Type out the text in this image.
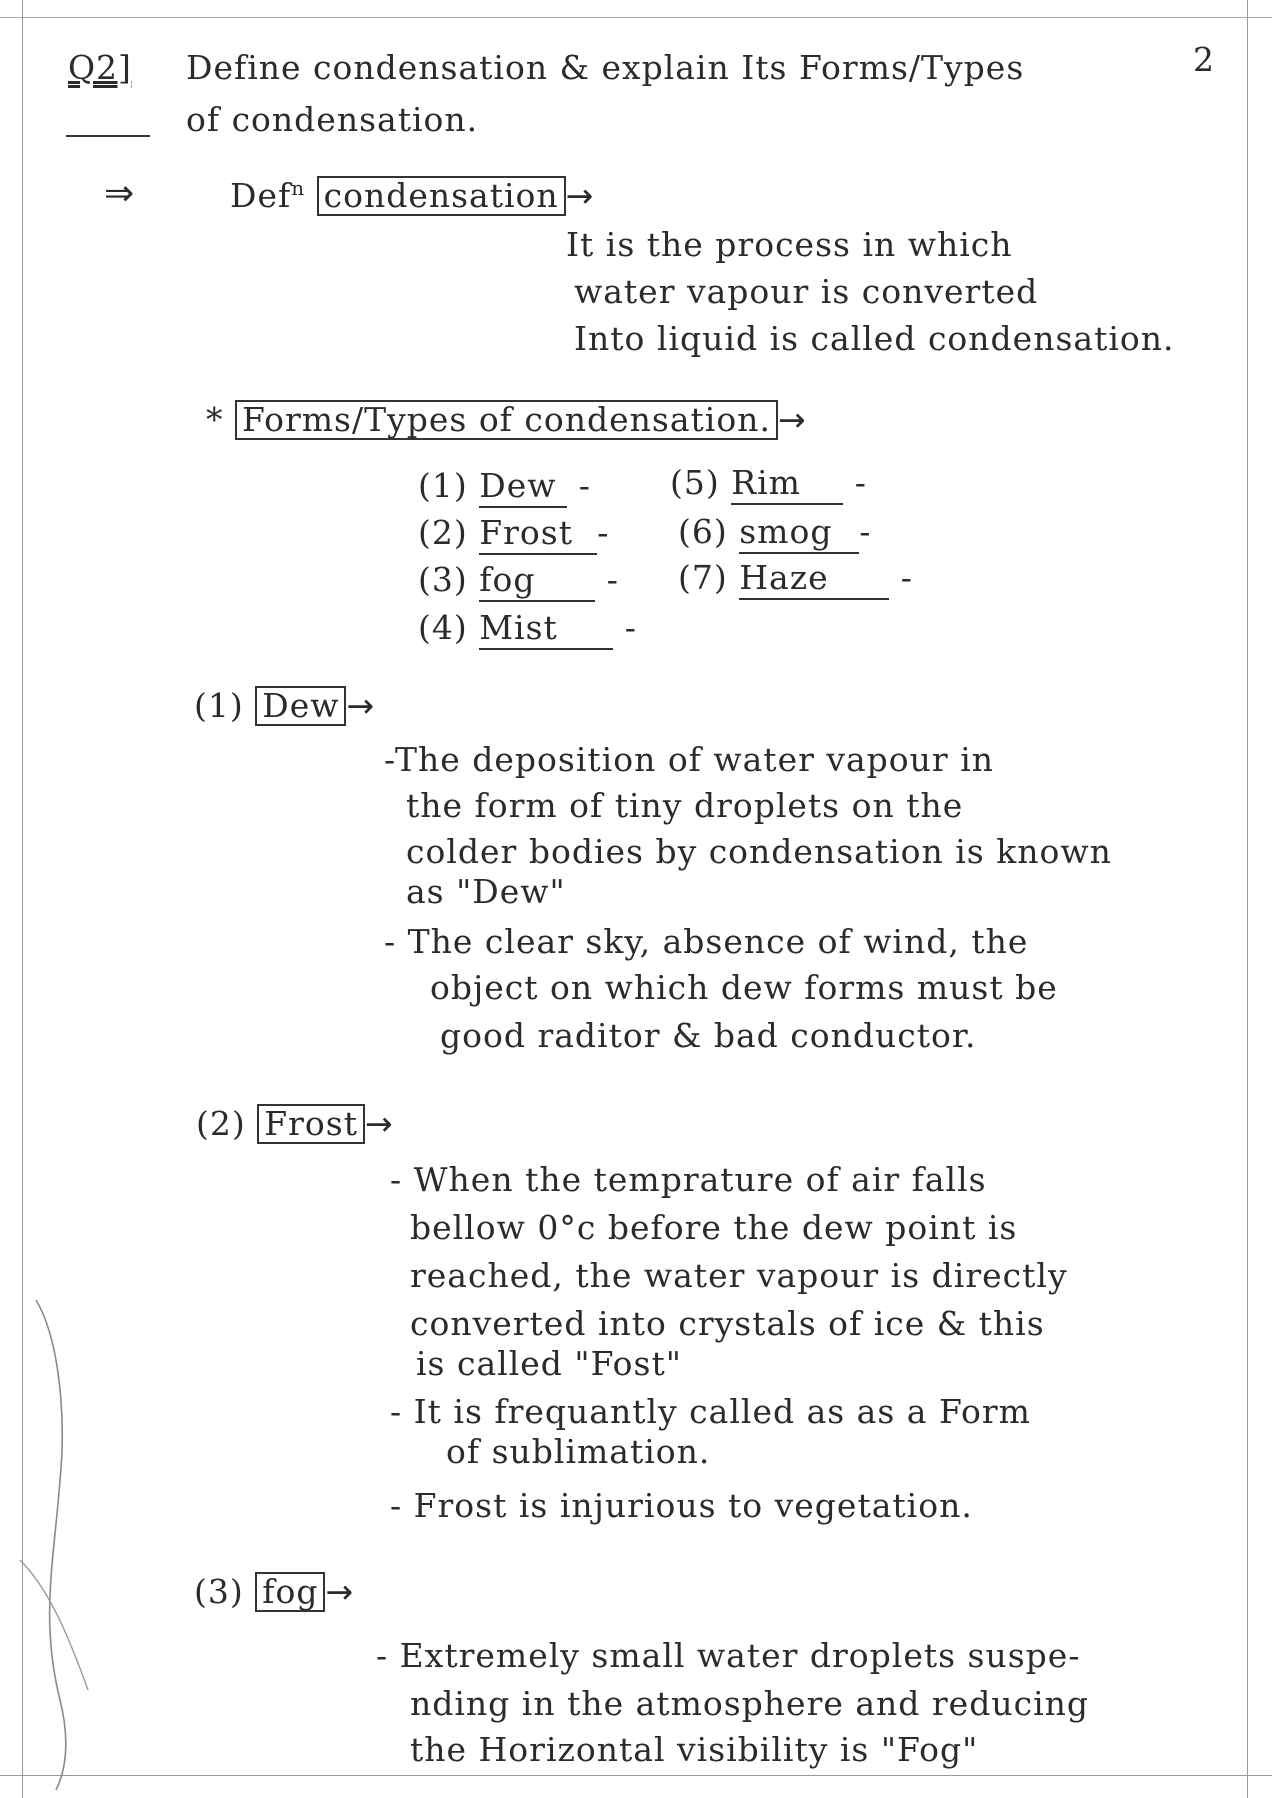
Q2] Define condensation & explain Its Forms/Types	2
of condensation.
⇒	Def$^n$ condensation →
It is the process in which
water vapour is converted
Into liquid is called condensation.
* Forms/Types of condensation. →
(1) Dew -
(2) Frost -
(3) fog -
(4) Mist -
(5) Rim -
(6) smog -
(7) Haze -
(1) Dew →
-The deposition of water vapour in
the form of tiny droplets on the
colder bodies by condensation is known
as "Dew"
- The clear sky, absence of wind, the
object on which dew forms must be
good raditor & bad conductor.
(2) Frost →
- When the temprature of air falls
bellow 0°c before the dew point is
reached, the water vapour is directly
converted into crystals of ice & this
is called "Fost"
- It is frequantly called as as a Form
of sublimation.
- Frost is injurious to vegetation.
(3) fog →
- Extremely small water droplets suspe-
nding in the atmosphere and reducing
the Horizontal visibility is "Fog"
